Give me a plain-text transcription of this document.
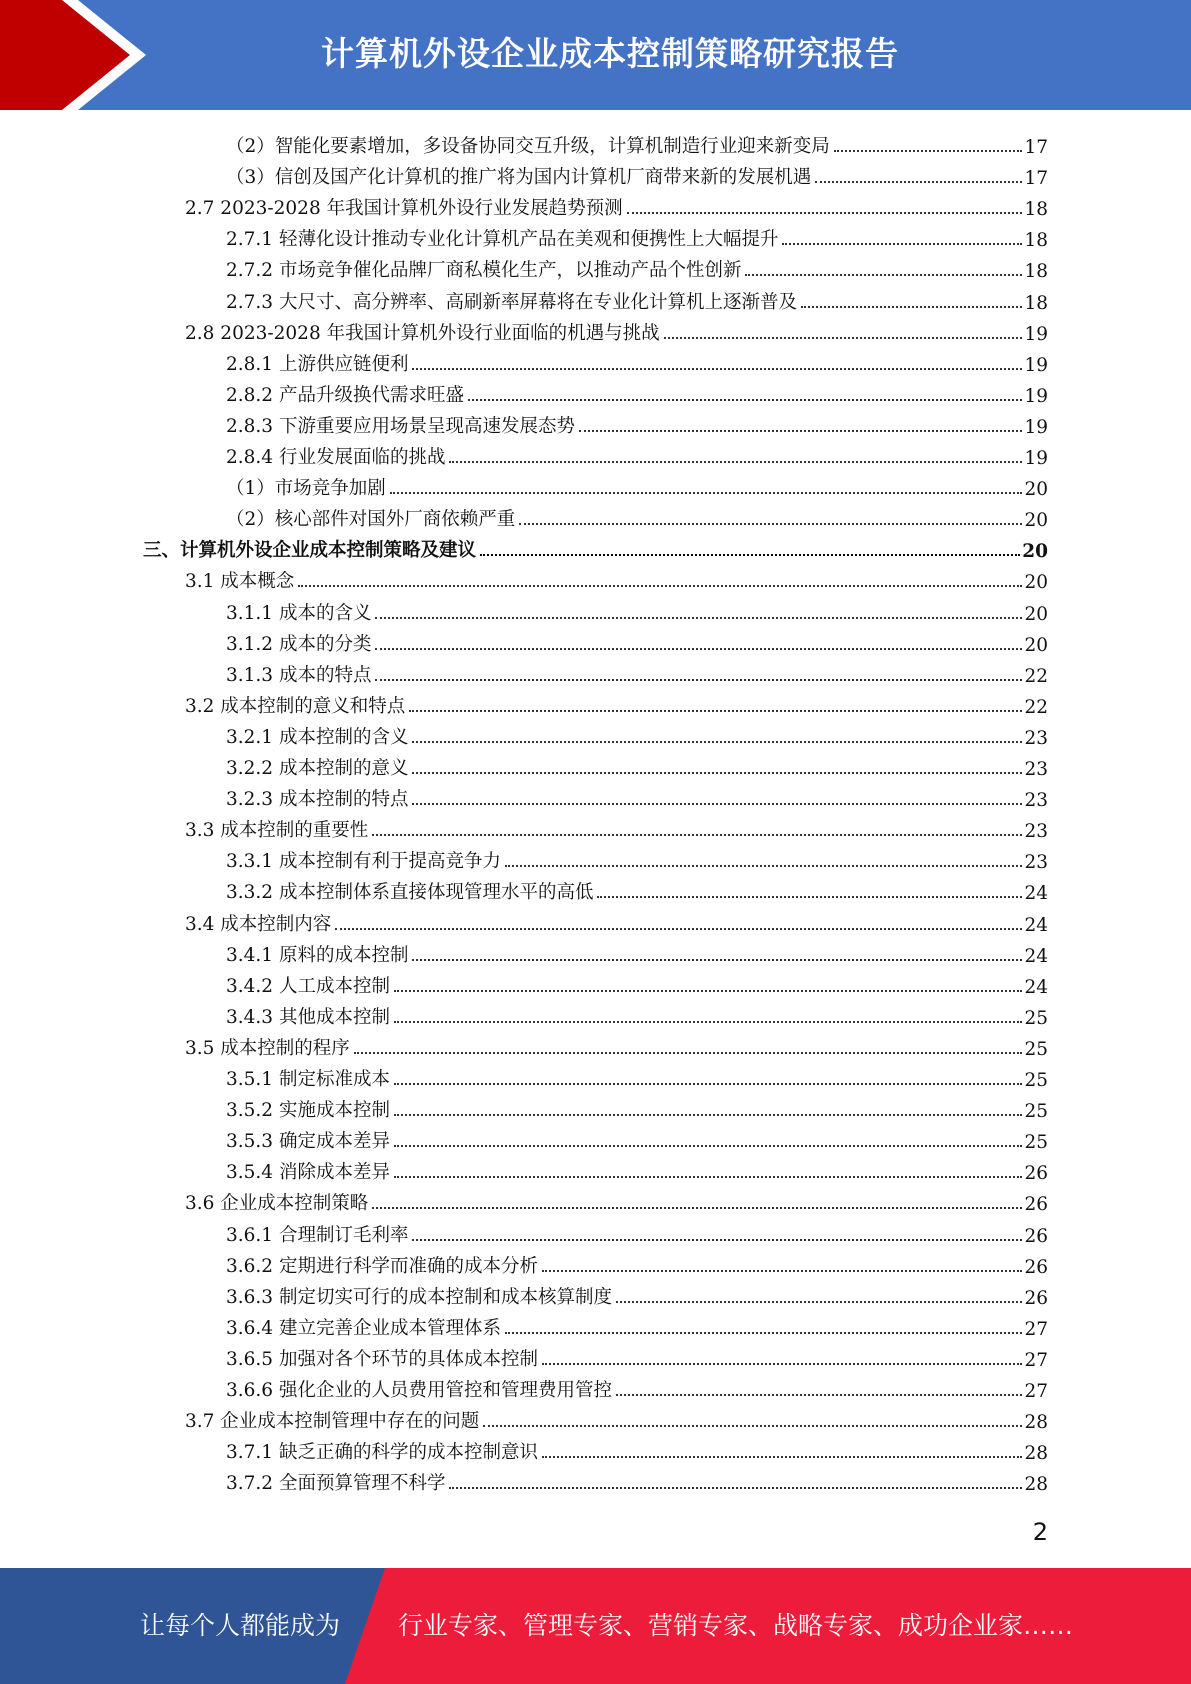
计算机外设企业成本控制策略研究报告
（2）智能化要素增加，多设备协同交互升级，计算机制造行业迎来新变局	17
（3）信创及国产化计算机的推广将为国内计算机厂商带来新的发展机遇	17
2.7 2023-2028 年我国计算机外设行业发展趋势预测	18
2.7.1 轻薄化设计推动专业化计算机产品在美观和便携性上大幅提升	18
2.7.2 市场竞争催化品牌厂商私模化生产，以推动产品个性创新	18
2.7.3 大尺寸、高分辨率、高刷新率屏幕将在专业化计算机上逐渐普及	18
2.8 2023-2028 年我国计算机外设行业面临的机遇与挑战	19
2.8.1 上游供应链便利	19
2.8.2 产品升级换代需求旺盛	19
2.8.3 下游重要应用场景呈现高速发展态势	19
2.8.4 行业发展面临的挑战	19
（1）市场竞争加剧	20
（2）核心部件对国外厂商依赖严重	20
三、计算机外设企业成本控制策略及建议	20
3.1 成本概念	20
3.1.1 成本的含义	20
3.1.2 成本的分类	20
3.1.3 成本的特点	22
3.2 成本控制的意义和特点	22
3.2.1 成本控制的含义	23
3.2.2 成本控制的意义	23
3.2.3 成本控制的特点	23
3.3 成本控制的重要性	23
3.3.1 成本控制有利于提高竞争力	23
3.3.2 成本控制体系直接体现管理水平的高低	24
3.4 成本控制内容	24
3.4.1 原料的成本控制	24
3.4.2 人工成本控制	24
3.4.3 其他成本控制	25
3.5 成本控制的程序	25
3.5.1 制定标准成本	25
3.5.2 实施成本控制	25
3.5.3 确定成本差异	25
3.5.4 消除成本差异	26
3.6 企业成本控制策略	26
3.6.1 合理制订毛利率	26
3.6.2 定期进行科学而准确的成本分析	26
3.6.3 制定切实可行的成本控制和成本核算制度	26
3.6.4 建立完善企业成本管理体系	27
3.6.5 加强对各个环节的具体成本控制	27
3.6.6 强化企业的人员费用管控和管理费用管控	27
3.7 企业成本控制管理中存在的问题	28
3.7.1 缺乏正确的科学的成本控制意识	28
3.7.2 全面预算管理不科学	28
2
让每个人都能成为 行业专家、管理专家、营销专家、战略专家、成功企业家……
